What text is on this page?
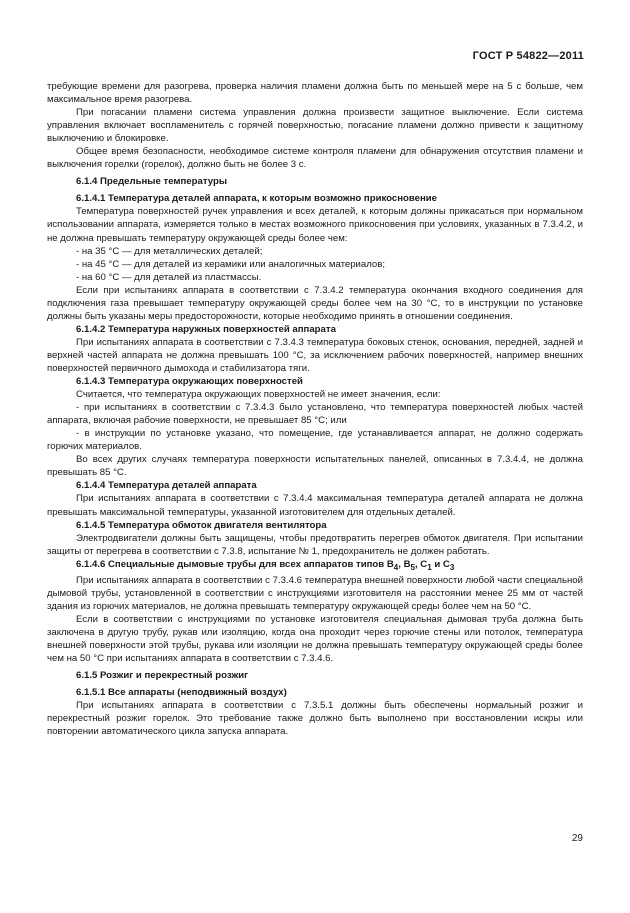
ГОСТ Р 54822—2011

требующие времени для разогрева, проверка наличия пламени должна быть по меньшей мере на 5 с больше, чем максимальное время разогрева.

При погасании пламени система управления должна произвести защитное выключение. Если система управления включает воспламенитель с горячей поверхностью, погасание пламени должно привести к защитному выключению и блокировке.

Общее время безопасности, необходимое системе контроля пламени для обнаружения отсутствия пламени и выключения горелки (горелок), должно быть не более 3 с.

6.1.4 Предельные температуры

6.1.4.1 Температура деталей аппарата, к которым возможно прикосновение

Температура поверхностей ручек управления и всех деталей, к которым должны прикасаться при нормальном использовании аппарата, измеряется только в местах возможного прикосновения при условиях, указанных в 7.3.4.2, и не должна превышать температуру окружающей среды более чем:

- на 35 °С — для металлических деталей;

- на 45 °С — для деталей из керамики или аналогичных материалов;

- на 60 °С — для деталей из пластмассы.

Если при испытаниях аппарата в соответствии с 7.3.4.2 температура окончания входного соединения для подключения газа превышает температуру окружающей среды более чем на 30 °С, то в инструкции по установке должны быть указаны меры предосторожности, которые необходимо принять в отношении соединения.

6.1.4.2 Температура наружных поверхностей аппарата

При испытаниях аппарата в соответствии с 7.3.4.3 температура боковых стенок, основания, передней, задней и верхней частей аппарата не должна превышать 100 °С, за исключением рабочих поверхностей, например внешних поверхностей первичного дымохода и стабилизатора тяги.

6.1.4.3 Температура окружающих поверхностей

Считается, что температура окружающих поверхностей не имеет значения, если:

- при испытаниях в соответствии с 7.3.4.3 было установлено, что температура поверхностей любых частей аппарата, включая рабочие поверхности, не превышает 85 °С; или

- в инструкции по установке указано, что помещение, где устанавливается аппарат, не должно содержать горючих материалов.

Во всех других случаях температура поверхности испытательных панелей, описанных в 7.3.4.4, не должна превышать 85 °С.

6.1.4.4 Температура деталей аппарата

При испытаниях аппарата в соответствии с 7.3.4.4 максимальная температура деталей аппарата не должна превышать максимальной температуры, указанной изготовителем для отдельных деталей.

6.1.4.5 Температура обмоток двигателя вентилятора

Электродвигатели должны быть защищены, чтобы предотвратить перегрев обмоток двигателя. При испытании защиты от перегрева в соответствии с 7.3.8, испытание № 1, предохранитель не должен работать.

6.1.4.6 Специальные дымовые трубы для всех аппаратов типов $В_4$, $В_5$, $С_1$ и $С_3$

При испытаниях аппарата в соответствии с 7.3.4.6 температура внешней поверхности любой части специальной дымовой трубы, установленной в соответствии с инструкциями изготовителя на расстоянии менее 25 мм от частей здания из горючих материалов, не должна превышать температуру окружающей среды более чем на 50 °С.

Если в соответствии с инструкциями по установке изготовителя специальная дымовая труба должна быть заключена в другую трубу, рукав или изоляцию, когда она проходит через горючие стены или потолок, температура внешней поверхности этой трубы, рукава или изоляции не должна превышать температуру окружающей среды более чем на 50 °С при испытаниях аппарата в соответствии с 7.3.4.6.

6.1.5 Розжиг и перекрестный розжиг

6.1.5.1 Все аппараты (неподвижный воздух)

При испытаниях аппарата в соответствии с 7.3.5.1 должны быть обеспечены нормальный розжиг и перекрестный розжиг горелок. Это требование также должно быть выполнено при восстановлении искры или повторении автоматического цикла запуска аппарата.

29
